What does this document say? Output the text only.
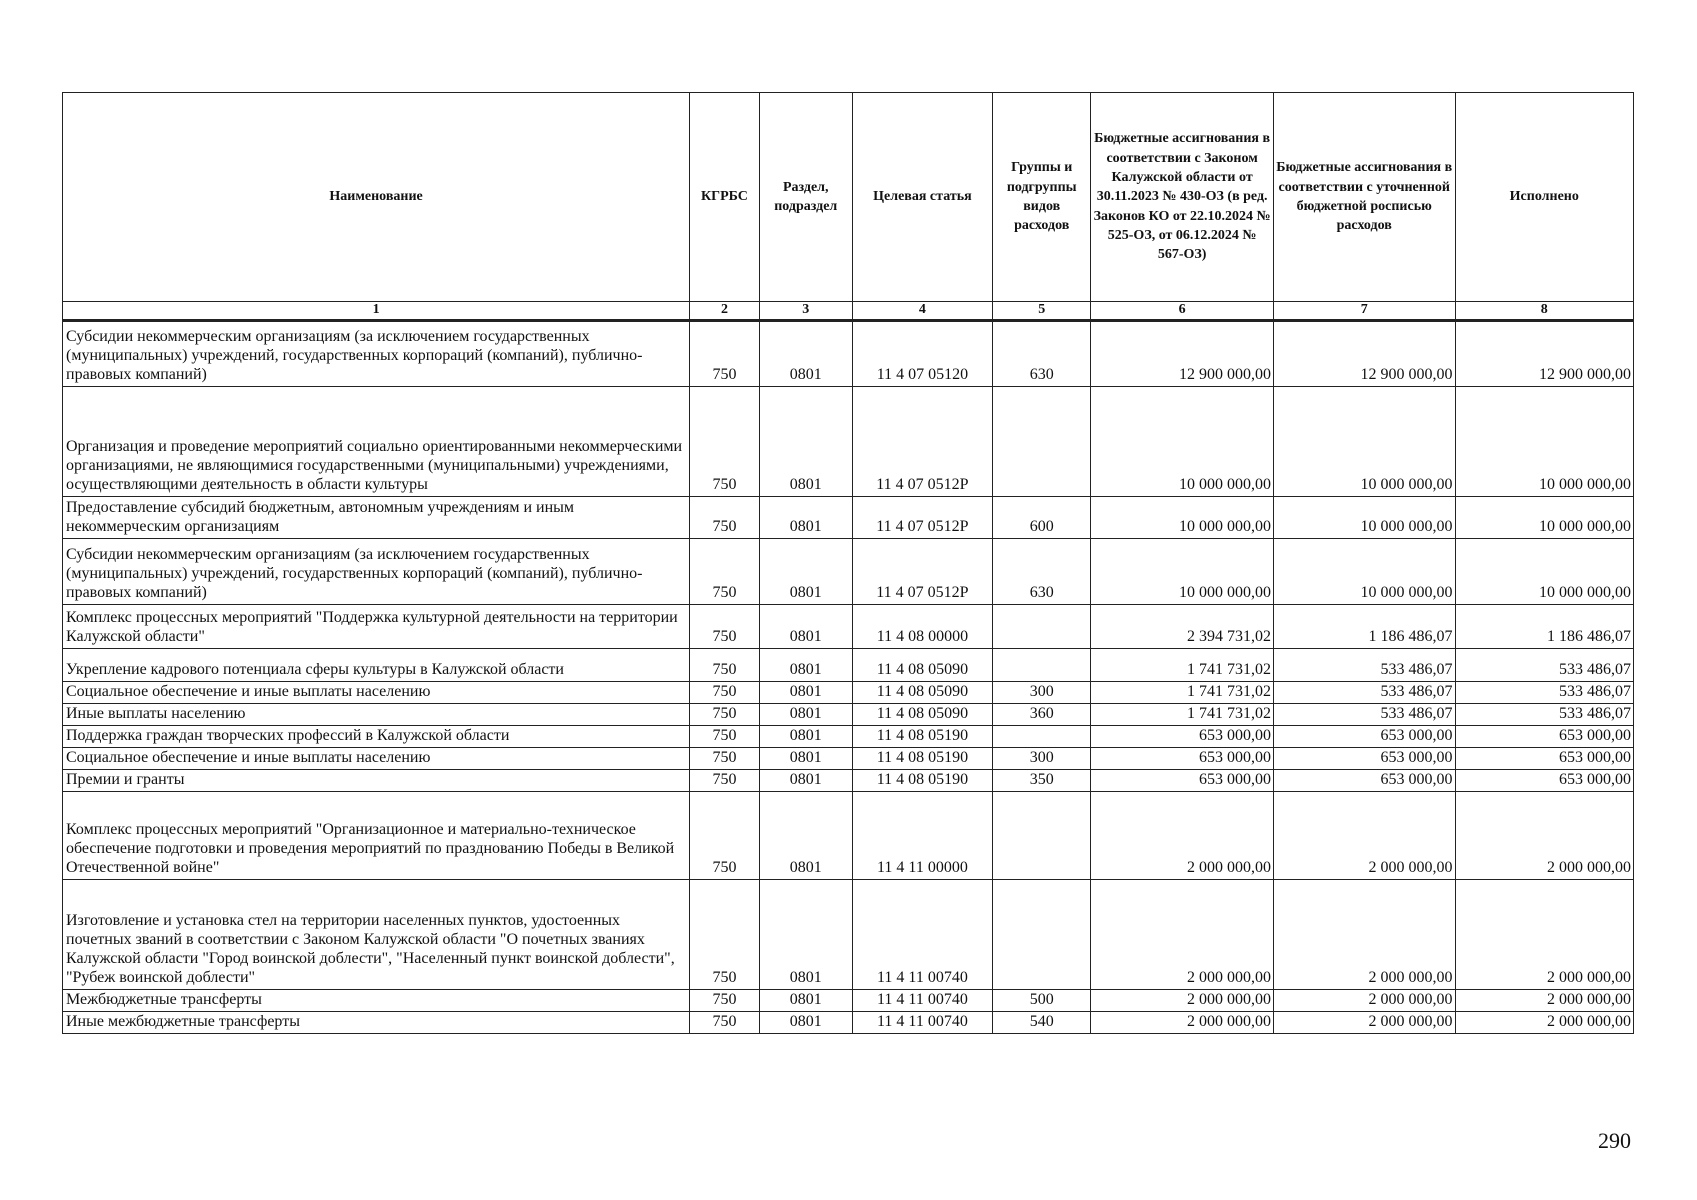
Наименование	КГРБС	Раздел, подраздел	Целевая статья	Группы и подгруппы видов расходов	Бюджетные ассигнования в соответствии с Законом Калужской области от 30.11.2023 № 430-ОЗ (в ред. Законов КО от 22.10.2024 № 525-ОЗ, от 06.12.2024 № 567-ОЗ)	Бюджетные ассигнования в соответствии с уточненной бюджетной росписью расходов	Исполнено
1	2	3	4	5	6	7	8
Субсидии некоммерческим организациям (за исключением государственных (муниципальных) учреждений, государственных корпораций (компаний), публично-правовых компаний)	750	0801	11 4 07 05120	630	12 900 000,00	12 900 000,00	12 900 000,00
Организация и проведение мероприятий социально ориентированными некоммерческими организациями, не являющимися государственными (муниципальными) учреждениями, осуществляющими деятельность в области культуры	750	0801	11 4 07 0512Р		10 000 000,00	10 000 000,00	10 000 000,00
Предоставление субсидий бюджетным, автономным учреждениям и иным некоммерческим организациям	750	0801	11 4 07 0512Р	600	10 000 000,00	10 000 000,00	10 000 000,00
Субсидии некоммерческим организациям (за исключением государственных (муниципальных) учреждений, государственных корпораций (компаний), публично-правовых компаний)	750	0801	11 4 07 0512Р	630	10 000 000,00	10 000 000,00	10 000 000,00
Комплекс процессных мероприятий "Поддержка культурной деятельности на территории Калужской области"	750	0801	11 4 08 00000		2 394 731,02	1 186 486,07	1 186 486,07
Укрепление кадрового потенциала сферы культуры в Калужской области	750	0801	11 4 08 05090		1 741 731,02	533 486,07	533 486,07
Социальное обеспечение и иные выплаты населению	750	0801	11 4 08 05090	300	1 741 731,02	533 486,07	533 486,07
Иные выплаты населению	750	0801	11 4 08 05090	360	1 741 731,02	533 486,07	533 486,07
Поддержка граждан творческих профессий в Калужской области	750	0801	11 4 08 05190		653 000,00	653 000,00	653 000,00
Социальное обеспечение и иные выплаты населению	750	0801	11 4 08 05190	300	653 000,00	653 000,00	653 000,00
Премии и гранты	750	0801	11 4 08 05190	350	653 000,00	653 000,00	653 000,00
Комплекс процессных мероприятий "Организационное и материально-техническое обеспечение подготовки и проведения мероприятий по празднованию Победы в Великой Отечественной войне"	750	0801	11 4 11 00000		2 000 000,00	2 000 000,00	2 000 000,00
Изготовление и установка стел на территории населенных пунктов, удостоенных почетных званий в соответствии с Законом Калужской области "О почетных званиях Калужской области "Город воинской доблести", "Населенный пункт воинской доблести", "Рубеж воинской доблести"	750	0801	11 4 11 00740		2 000 000,00	2 000 000,00	2 000 000,00
Межбюджетные трансферты	750	0801	11 4 11 00740	500	2 000 000,00	2 000 000,00	2 000 000,00
Иные межбюджетные трансферты	750	0801	11 4 11 00740	540	2 000 000,00	2 000 000,00	2 000 000,00
290
